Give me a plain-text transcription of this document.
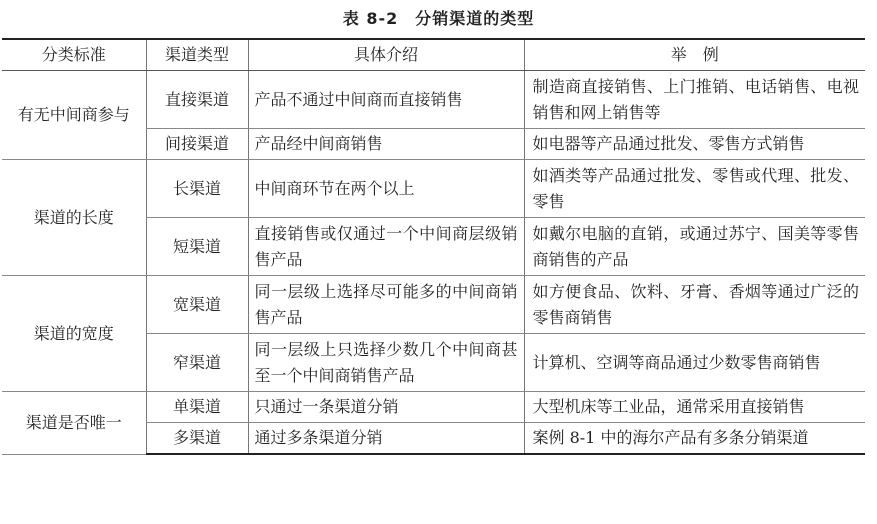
表 8-2　分销渠道的类型
分类标准	渠道类型	具体介绍	举　例
有无中间商参与	直接渠道	产品不通过中间商而直接销售	制造商直接销售、上门推销、电话销售、电视销售和网上销售等
	间接渠道	产品经中间商销售	如电器等产品通过批发、零售方式销售
渠道的长度	长渠道	中间商环节在两个以上	如酒类等产品通过批发、零售或代理、批发、零售
	短渠道	直接销售或仅通过一个中间商层级销售产品	如戴尔电脑的直销，或通过苏宁、国美等零售商销售的产品
渠道的宽度	宽渠道	同一层级上选择尽可能多的中间商销售产品	如方便食品、饮料、牙膏、香烟等通过广泛的零售商销售
	窄渠道	同一层级上只选择少数几个中间商甚至一个中间商销售产品	计算机、空调等商品通过少数零售商销售
渠道是否唯一	单渠道	只通过一条渠道分销	大型机床等工业品，通常采用直接销售
	多渠道	通过多条渠道分销	案例 8-1 中的海尔产品有多条分销渠道
